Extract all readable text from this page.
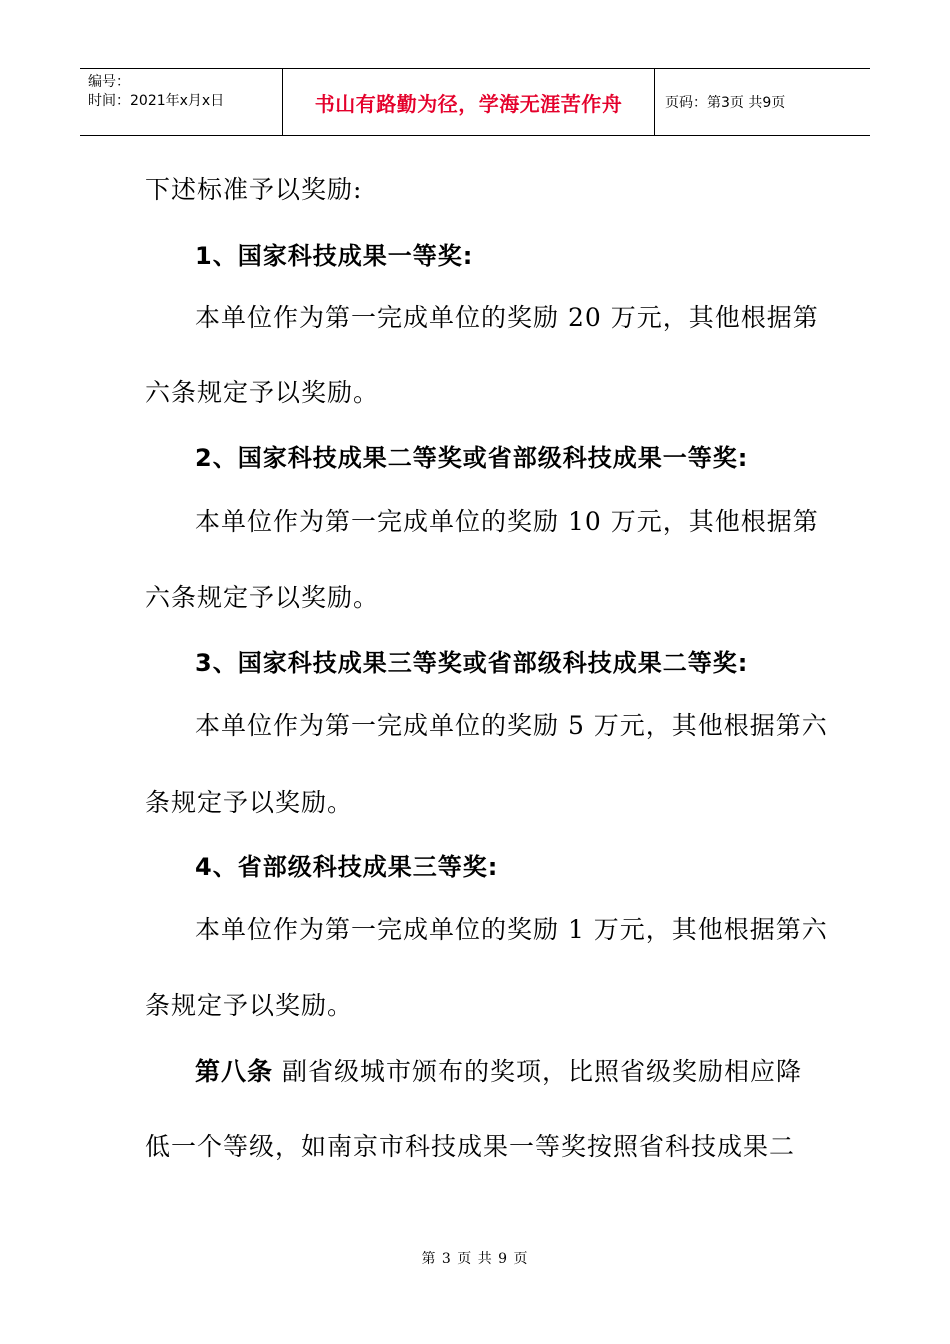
编号：
时间：2021年x月x日	书山有路勤为径，学海无涯苦作舟	页码：第3页 共9页
下述标准予以奖励:
1、国家科技成果一等奖:
本单位作为第一完成单位的奖励 20 万元，其他根据第
六条规定予以奖励。
2、国家科技成果二等奖或省部级科技成果一等奖:
本单位作为第一完成单位的奖励 10 万元，其他根据第
六条规定予以奖励。
3、国家科技成果三等奖或省部级科技成果二等奖:
本单位作为第一完成单位的奖励 5 万元，其他根据第六
条规定予以奖励。
4、省部级科技成果三等奖:
本单位作为第一完成单位的奖励 1 万元，其他根据第六
条规定予以奖励。
第八条 副省级城市颁布的奖项，比照省级奖励相应降
低一个等级，如南京市科技成果一等奖按照省科技成果二
第 3 页 共 9 页
